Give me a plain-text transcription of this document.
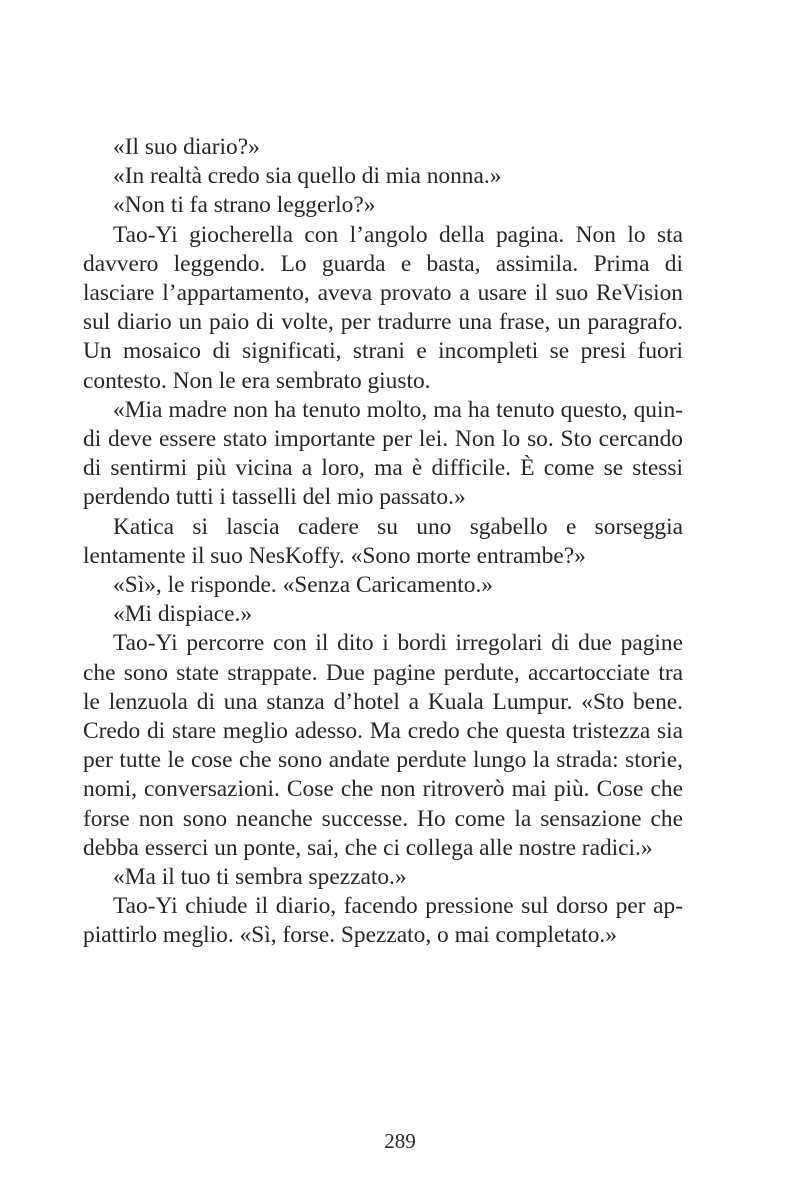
«Il suo diario?»

«In realtà credo sia quello di mia nonna.»

«Non ti fa strano leggerlo?»

Tao-Yi giocherella con l’angolo della pagina. Non lo sta davvero leggendo. Lo guarda e basta, assimila. Prima di lasciare l’appartamento, aveva provato a usare il suo ReVision sul diario un paio di volte, per tradurre una frase, un paragrafo. Un mosaico di significati, strani e incompleti se presi fuori contesto. Non le era sembrato giusto.

«Mia madre non ha tenuto molto, ma ha tenuto questo, quindi deve essere stato importante per lei. Non lo so. Sto cercando di sentirmi più vicina a loro, ma è difficile. È come se stessi perdendo tutti i tasselli del mio passato.»

Katica si lascia cadere su uno sgabello e sorseggia lentamente il suo NesKoffy. «Sono morte entrambe?»

«Sì», le risponde. «Senza Caricamento.»

«Mi dispiace.»

Tao-Yi percorre con il dito i bordi irregolari di due pagine che sono state strappate. Due pagine perdute, accartocciate tra le lenzuola di una stanza d’hotel a Kuala Lumpur. «Sto bene. Credo di stare meglio adesso. Ma credo che questa tristezza sia per tutte le cose che sono andate perdute lungo la strada: storie, nomi, conversazioni. Cose che non ritroverò mai più. Cose che forse non sono neanche successe. Ho come la sensazione che debba esserci un ponte, sai, che ci collega alle nostre radici.»

«Ma il tuo ti sembra spezzato.»

Tao-Yi chiude il diario, facendo pressione sul dorso per appiattirlo meglio. «Sì, forse. Spezzato, o mai completato.»

289
